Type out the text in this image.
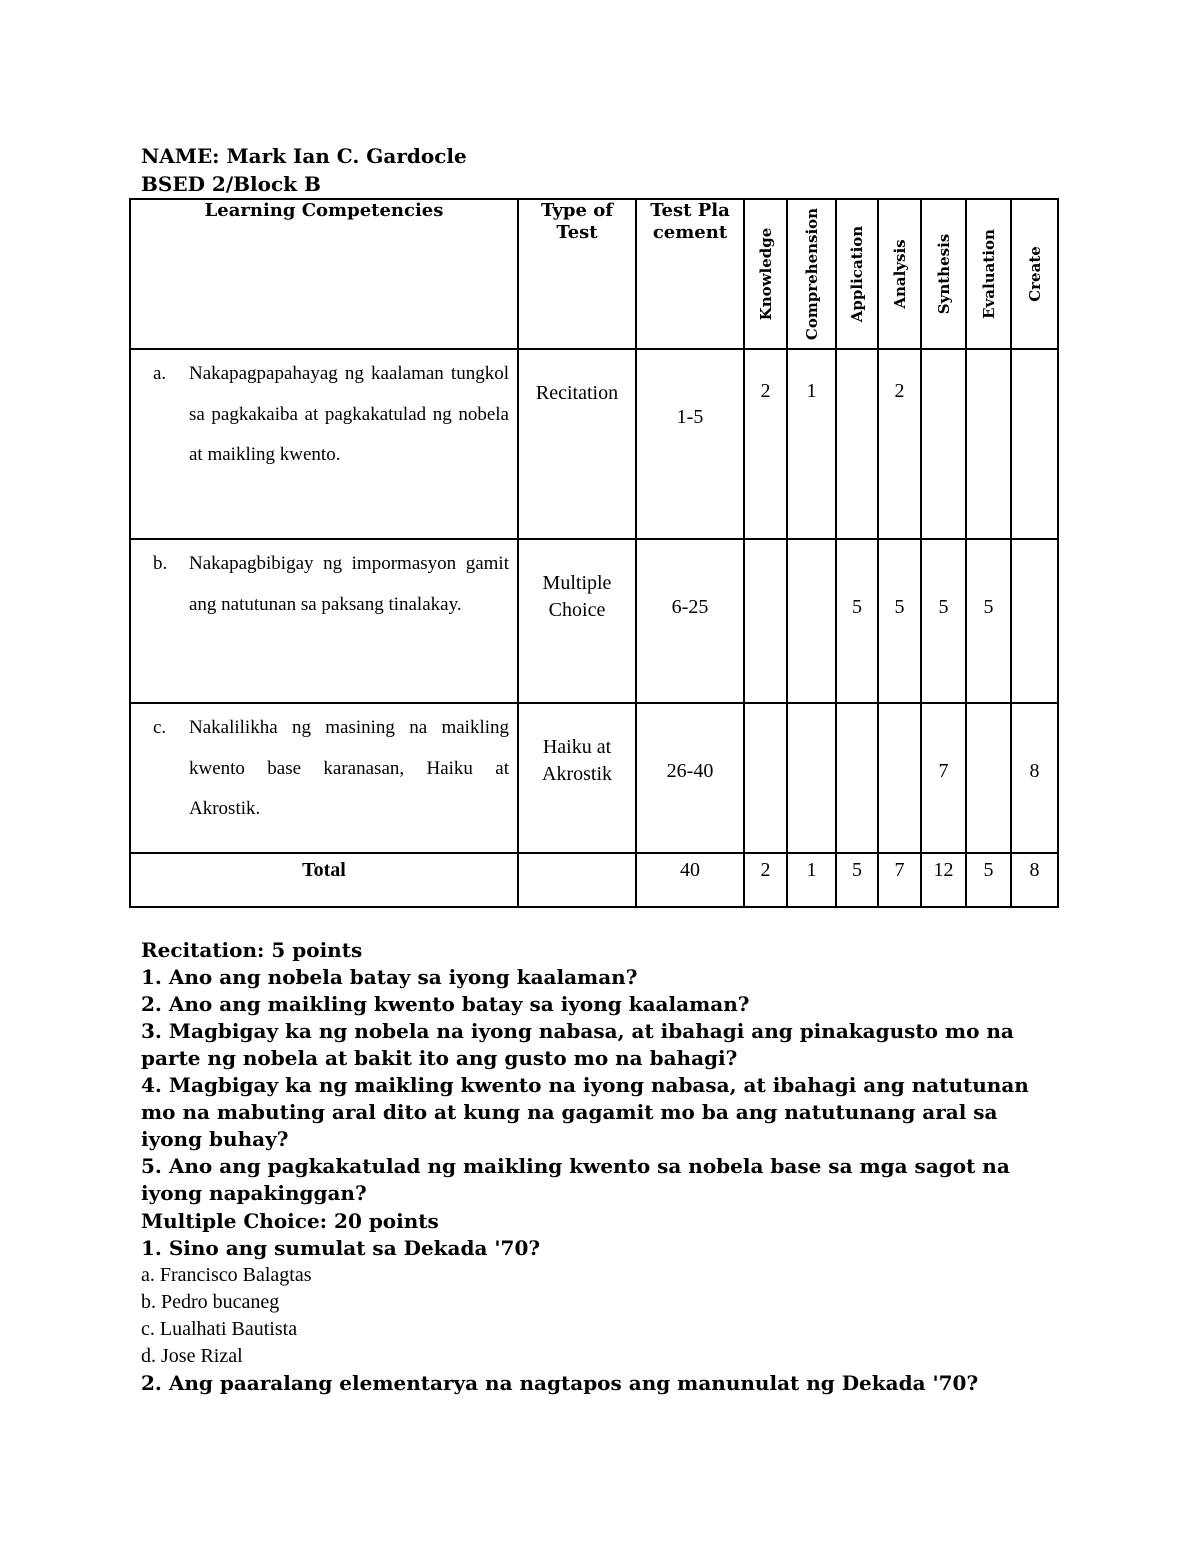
NAME: Mark Ian C. Gardocle
BSED 2/Block B
Learning Competencies	Type of Test	Test Placement	Knowledge	Comprehension	Application	Analysis	Synthesis	Evaluation	Create

a. Nakapagpapahayag ng kaalaman tungkol sa pagkakaiba at pagkakatulad ng nobela at maikling kwento.	Recitation	1-5	2	1		2			

b. Nakapagbibigay ng impormasyon gamit ang natutunan sa paksang tinalakay.	Multiple Choice	6-25			5	5	5	5	

c. Nakalilikha ng masining na maikling kwento base karanasan, Haiku at Akrostik.	Haiku at Akrostik	26-40					7		8
Total		40	2	1	5	7	12	5	8

Recitation: 5 points

1. Ano ang nobela batay sa iyong kaalaman?

2. Ano ang maikling kwento batay sa iyong kaalaman?

3. Magbigay ka ng nobela na iyong nabasa, at ibahagi ang pinakagusto mo na parte ng nobela at bakit ito ang gusto mo na bahagi?

4. Magbigay ka ng maikling kwento na iyong nabasa, at ibahagi ang natutunan mo na mabuting aral dito at kung na gagamit mo ba ang natutunang aral sa iyong buhay?

5. Ano ang pagkakatulad ng maikling kwento sa nobela base sa mga sagot na iyong napakinggan?

Multiple Choice: 20 points

1. Sino ang sumulat sa Dekada '70?

a. Francisco Balagtas

b. Pedro bucaneg

c. Lualhati Bautista

d. Jose Rizal

2. Ang paaralang elementarya na nagtapos ang manunulat ng Dekada '70?
